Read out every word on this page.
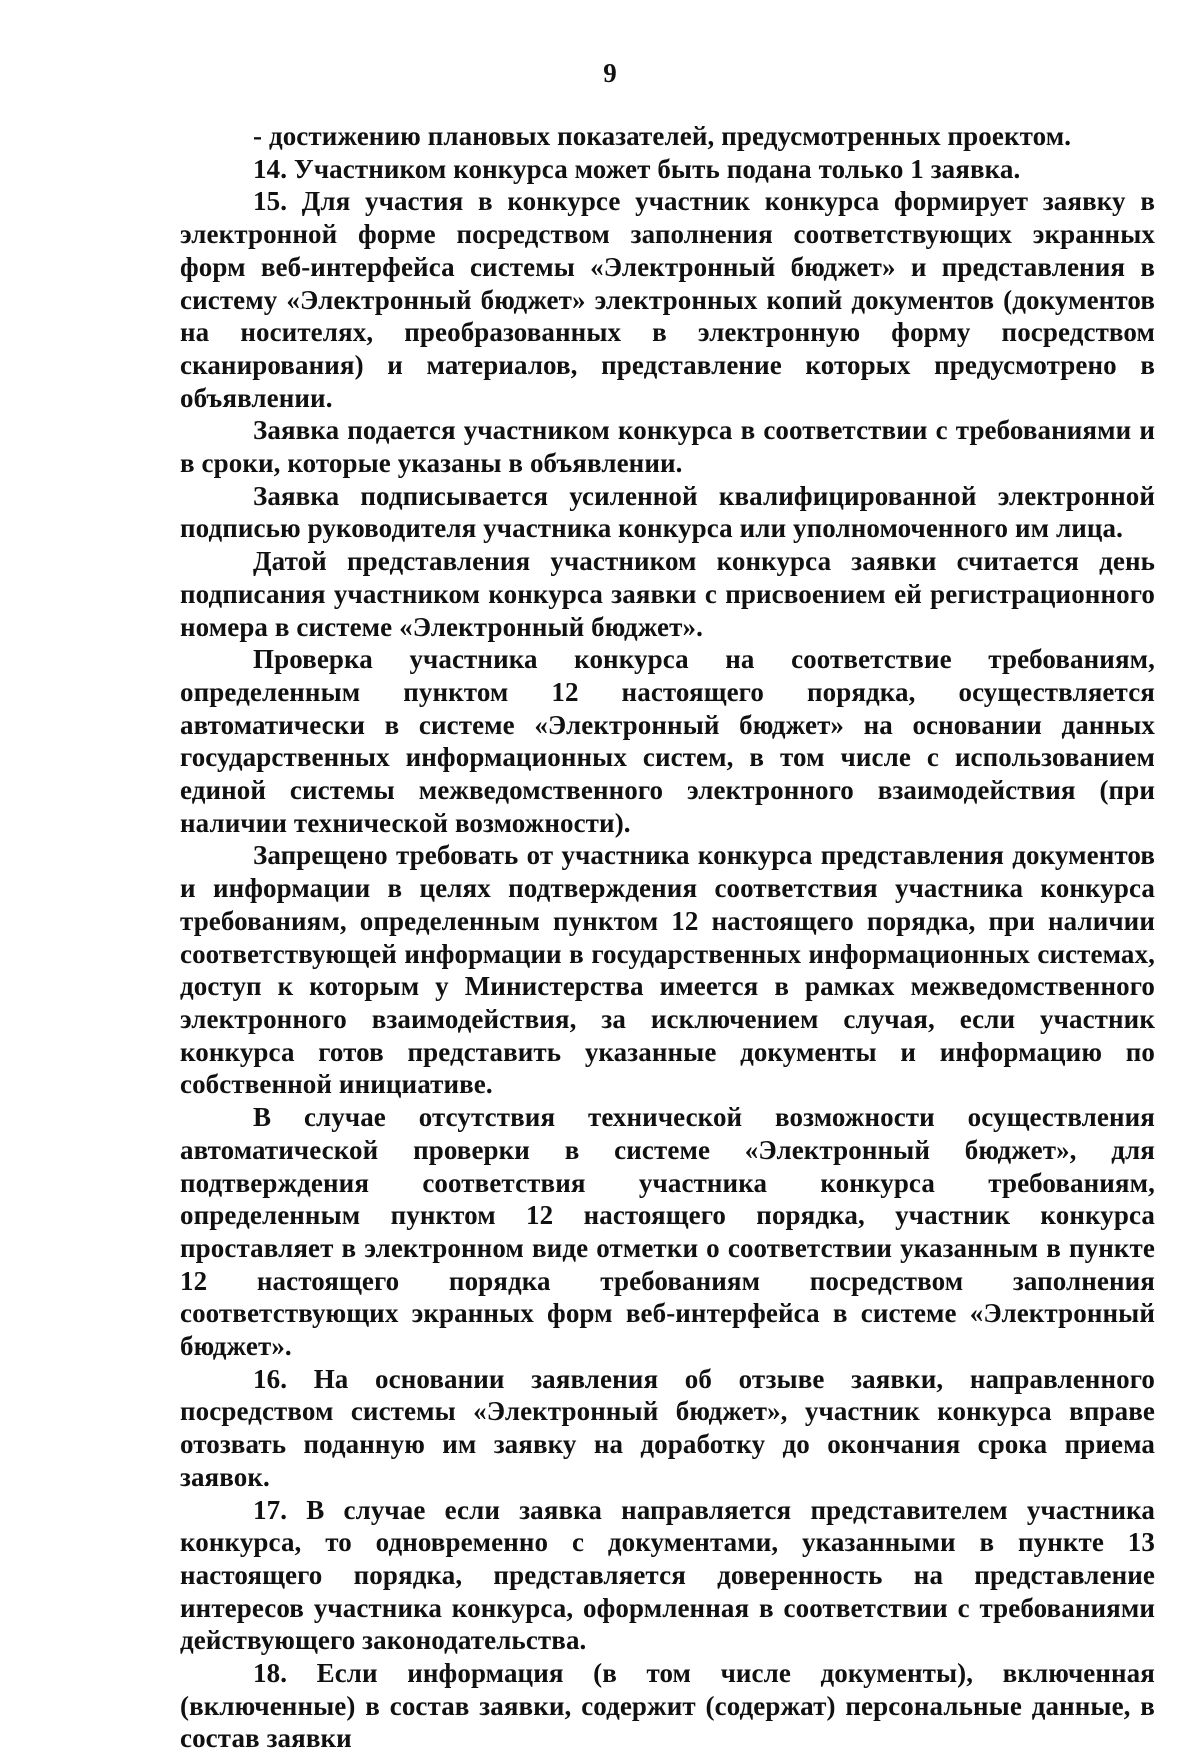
9

- достижению плановых показателей, предусмотренных проектом.

14. Участником конкурса может быть подана только 1 заявка.

15. Для участия в конкурсе участник конкурса формирует заявку в электронной форме посредством заполнения соответствующих экранных форм веб-интерфейса системы «Электронный бюджет» и представления в систему «Электронный бюджет» электронных копий документов (документов на носителях, преобразованных в электронную форму посредством сканирования) и материалов, представление которых предусмотрено в объявлении.

Заявка подается участником конкурса в соответствии с требованиями и в сроки, которые указаны в объявлении.

Заявка подписывается усиленной квалифицированной электронной подписью руководителя участника конкурса или уполномоченного им лица.

Датой представления участником конкурса заявки считается день подписания участником конкурса заявки с присвоением ей регистрационного номера в системе «Электронный бюджет».

Проверка участника конкурса на соответствие требованиям, определенным пунктом 12 настоящего порядка, осуществляется автоматически в системе «Электронный бюджет» на основании данных государственных информационных систем, в том числе с использованием единой системы межведомственного электронного взаимодействия (при наличии технической возможности).

Запрещено требовать от участника конкурса представления документов и информации в целях подтверждения соответствия участника конкурса требованиям, определенным пунктом 12 настоящего порядка, при наличии соответствующей информации в государственных информационных системах, доступ к которым у Министерства имеется в рамках межведомственного электронного взаимодействия, за исключением случая, если участник конкурса готов представить указанные документы и информацию по собственной инициативе.

В случае отсутствия технической возможности осуществления автоматической проверки в системе «Электронный бюджет», для подтверждения соответствия участника конкурса требованиям, определенным пунктом 12 настоящего порядка, участник конкурса проставляет в электронном виде отметки о соответствии указанным в пункте 12 настоящего порядка требованиям посредством заполнения соответствующих экранных форм веб-интерфейса в системе «Электронный бюджет».

16. На основании заявления об отзыве заявки, направленного посредством системы «Электронный бюджет», участник конкурса вправе отозвать поданную им заявку на доработку до окончания срока приема заявок.

17. В случае если заявка направляется представителем участника конкурса, то одновременно с документами, указанными в пункте 13 настоящего порядка, представляется доверенность на представление интересов участника конкурса, оформленная в соответствии с требованиями действующего законодательства.

18. Если информация (в том числе документы), включенная (включенные) в состав заявки, содержит (содержат) персональные данные, в состав заявки
